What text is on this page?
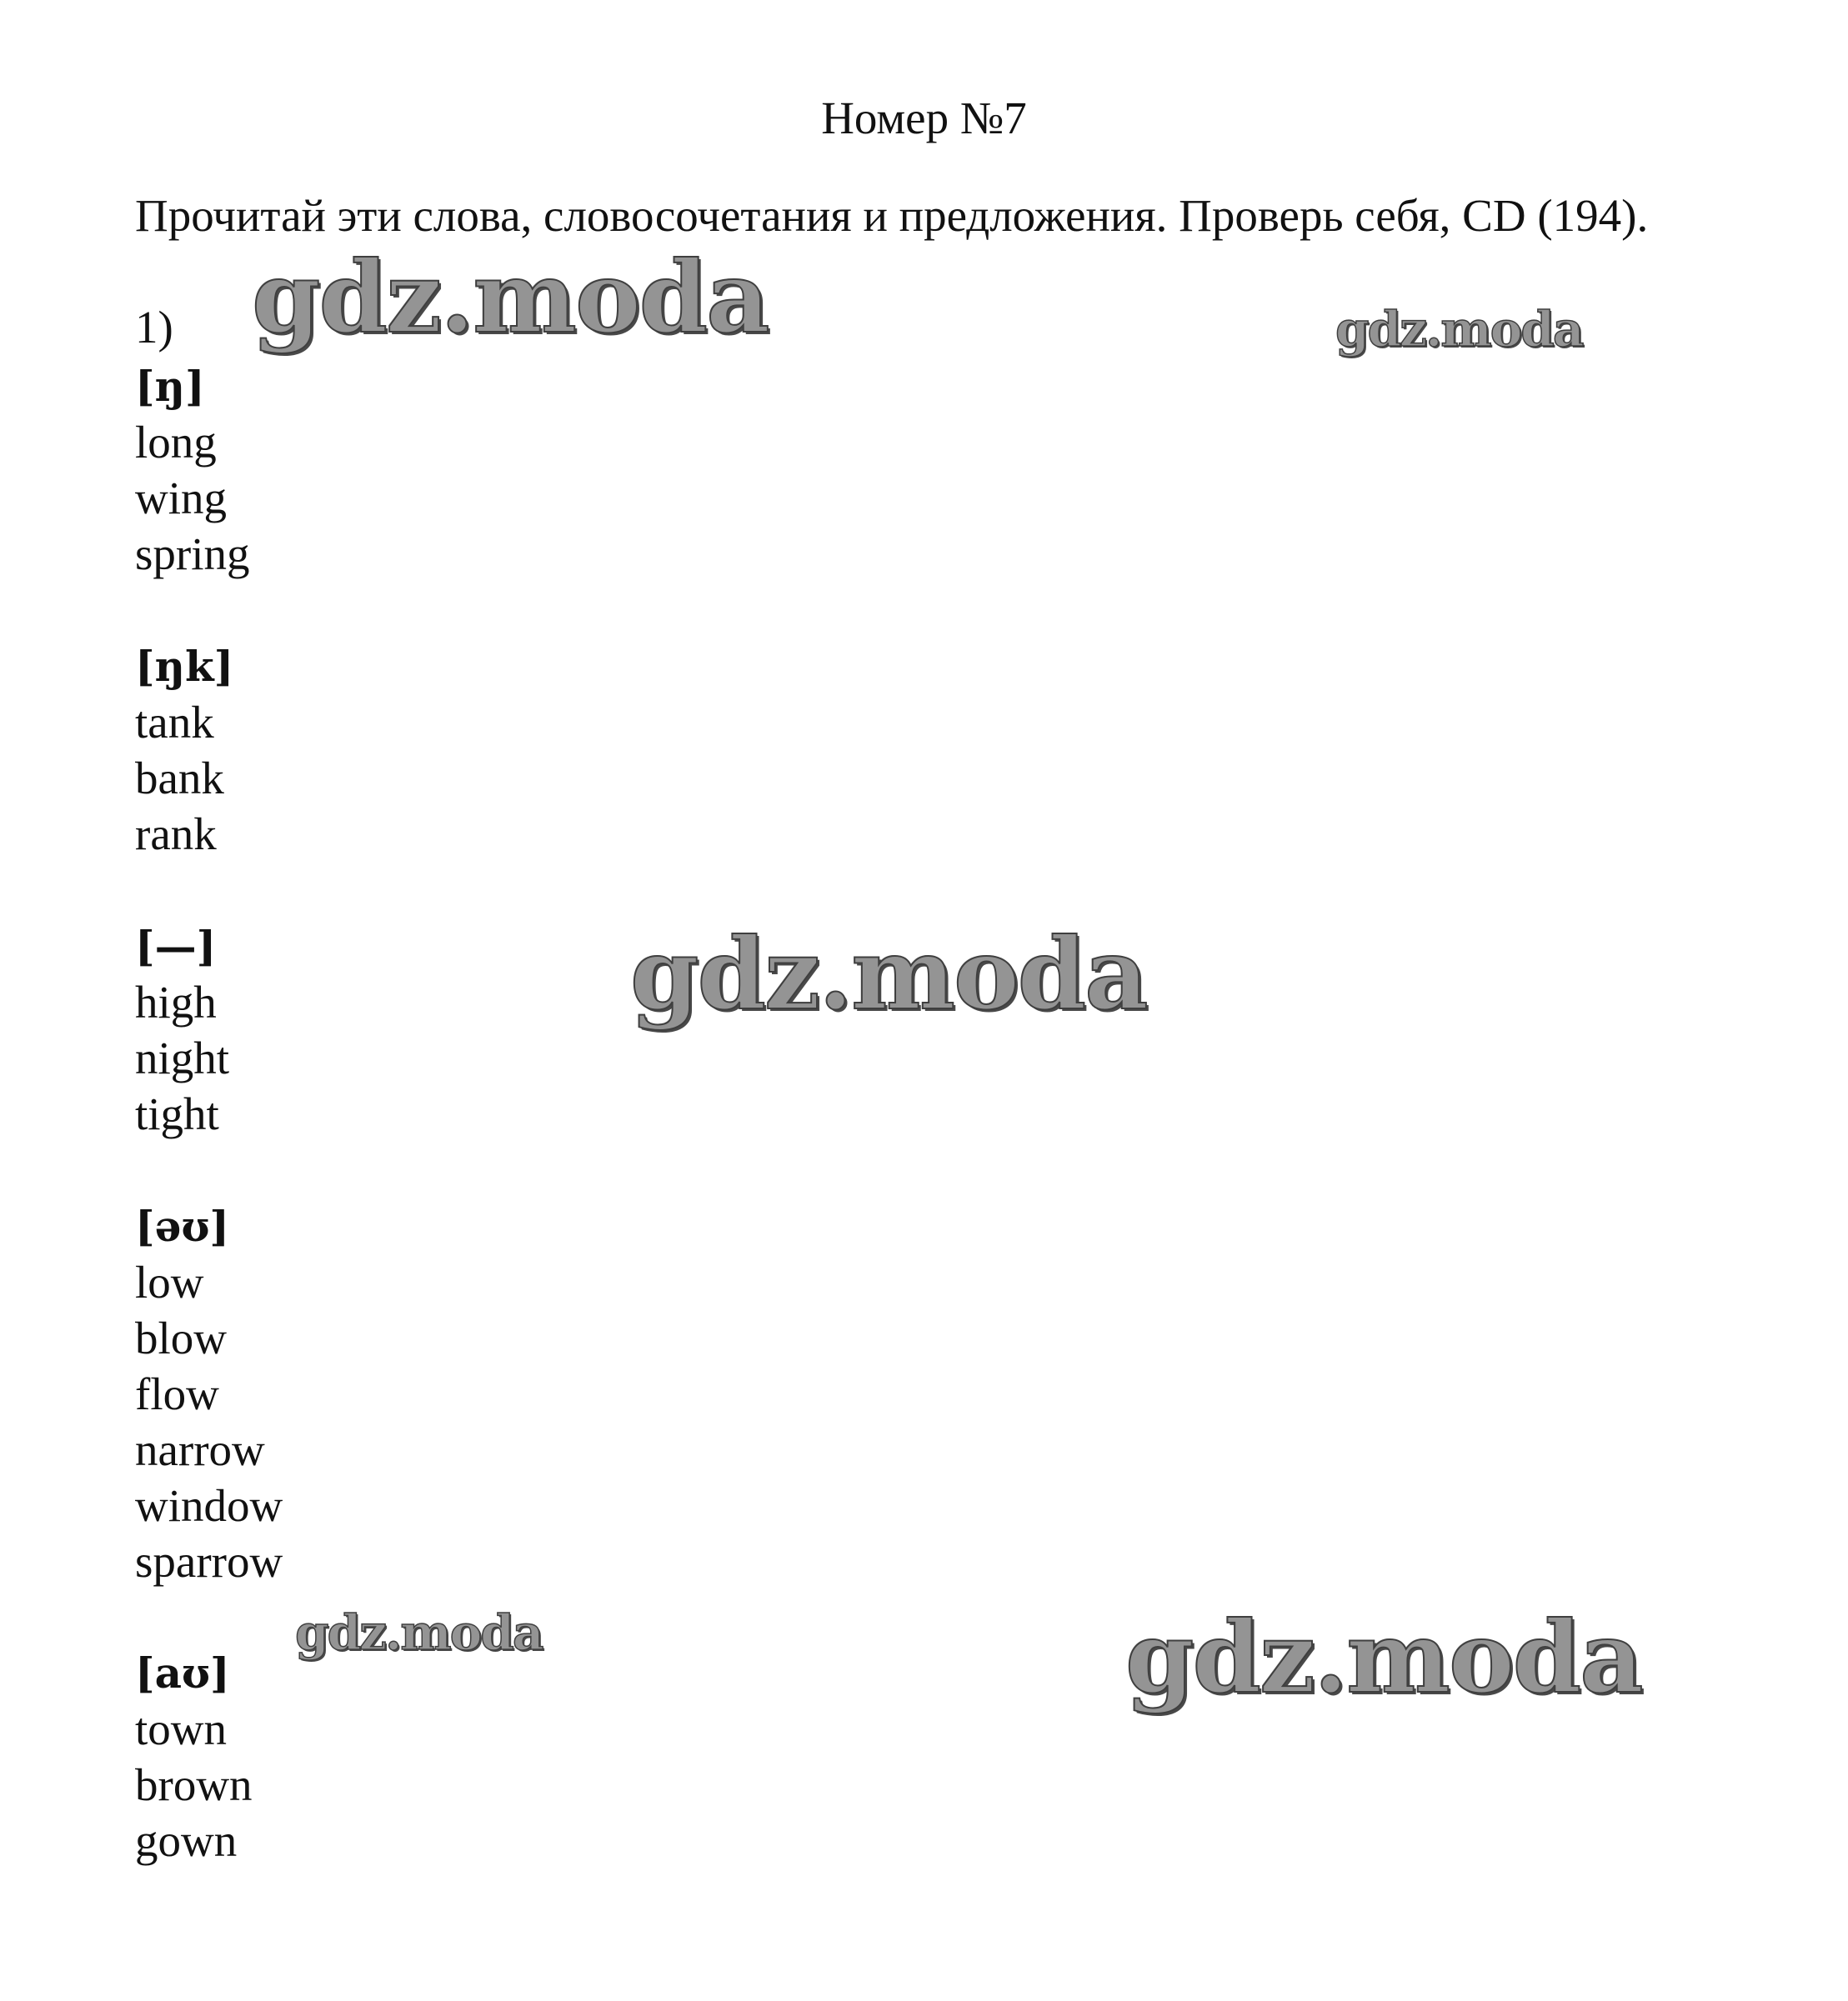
Номер №7

Прочитай эти слова, словосочетания и предложения. Проверь себя, CD (194).

1)
[ŋ]
long
wing
spring
[ŋk]
tank
bank
rank
[—]
high
night
tight
[əʊ]
low
blow
flow
narrow
window
sparrow
[aʊ]
town
brown
gown
gdz.moda	gdz.moda
gdz.moda
gdz.moda	gdz.moda
